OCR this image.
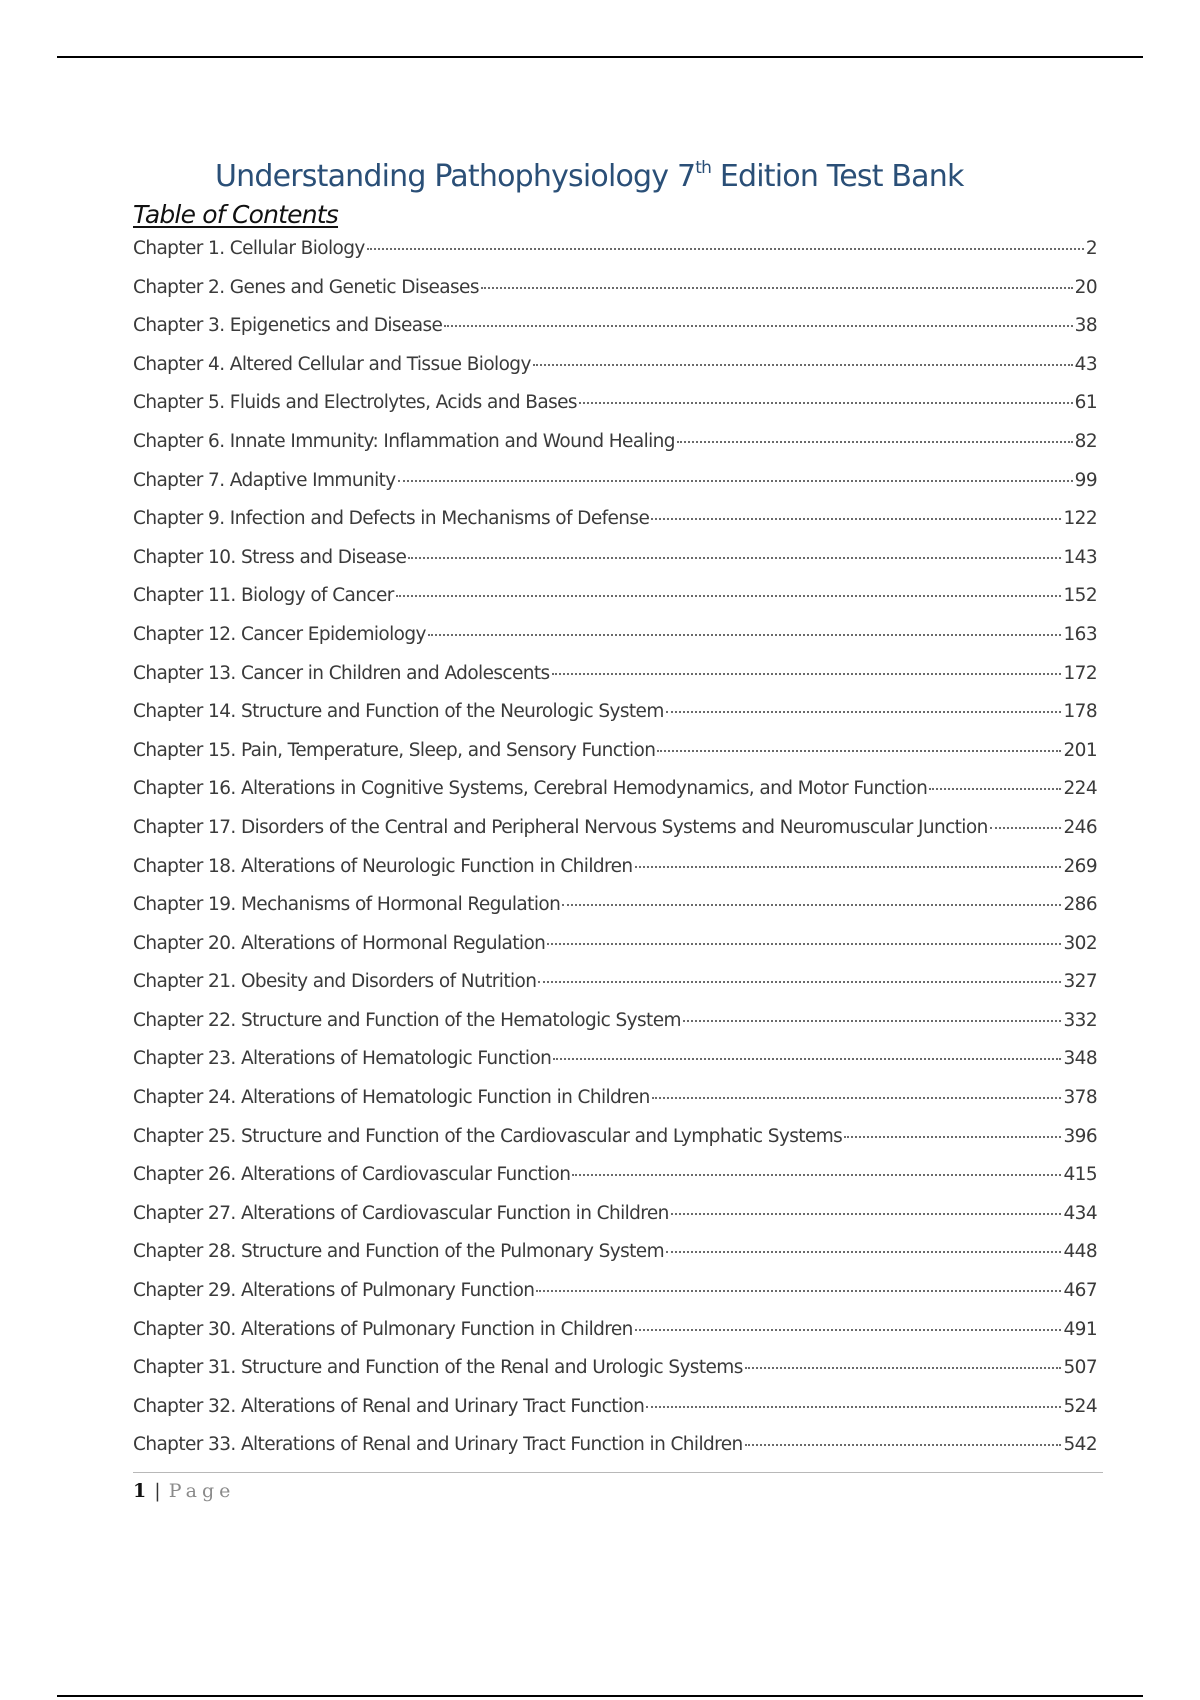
Understanding Pathophysiology 7th Edition Test Bank
Table of Contents
Chapter 1. Cellular Biology	2
Chapter 2. Genes and Genetic Diseases	20
Chapter 3. Epigenetics and Disease	38
Chapter 4. Altered Cellular and Tissue Biology	43
Chapter 5. Fluids and Electrolytes, Acids and Bases	61
Chapter 6. Innate Immunity: Inflammation and Wound Healing	82
Chapter 7. Adaptive Immunity	99
Chapter 9. Infection and Defects in Mechanisms of Defense	122
Chapter 10. Stress and Disease	143
Chapter 11. Biology of Cancer	152
Chapter 12. Cancer Epidemiology	163
Chapter 13. Cancer in Children and Adolescents	172
Chapter 14. Structure and Function of the Neurologic System	178
Chapter 15. Pain, Temperature, Sleep, and Sensory Function	201
Chapter 16. Alterations in Cognitive Systems, Cerebral Hemodynamics, and Motor Function	224
Chapter 17. Disorders of the Central and Peripheral Nervous Systems and Neuromuscular Junction	246
Chapter 18. Alterations of Neurologic Function in Children	269
Chapter 19. Mechanisms of Hormonal Regulation	286
Chapter 20. Alterations of Hormonal Regulation	302
Chapter 21. Obesity and Disorders of Nutrition	327
Chapter 22. Structure and Function of the Hematologic System	332
Chapter 23. Alterations of Hematologic Function	348
Chapter 24. Alterations of Hematologic Function in Children	378
Chapter 25. Structure and Function of the Cardiovascular and Lymphatic Systems	396
Chapter 26. Alterations of Cardiovascular Function	415
Chapter 27. Alterations of Cardiovascular Function in Children	434
Chapter 28. Structure and Function of the Pulmonary System	448
Chapter 29. Alterations of Pulmonary Function	467
Chapter 30. Alterations of Pulmonary Function in Children	491
Chapter 31. Structure and Function of the Renal and Urologic Systems	507
Chapter 32. Alterations of Renal and Urinary Tract Function	524
Chapter 33. Alterations of Renal and Urinary Tract Function in Children	542
1 | Page
